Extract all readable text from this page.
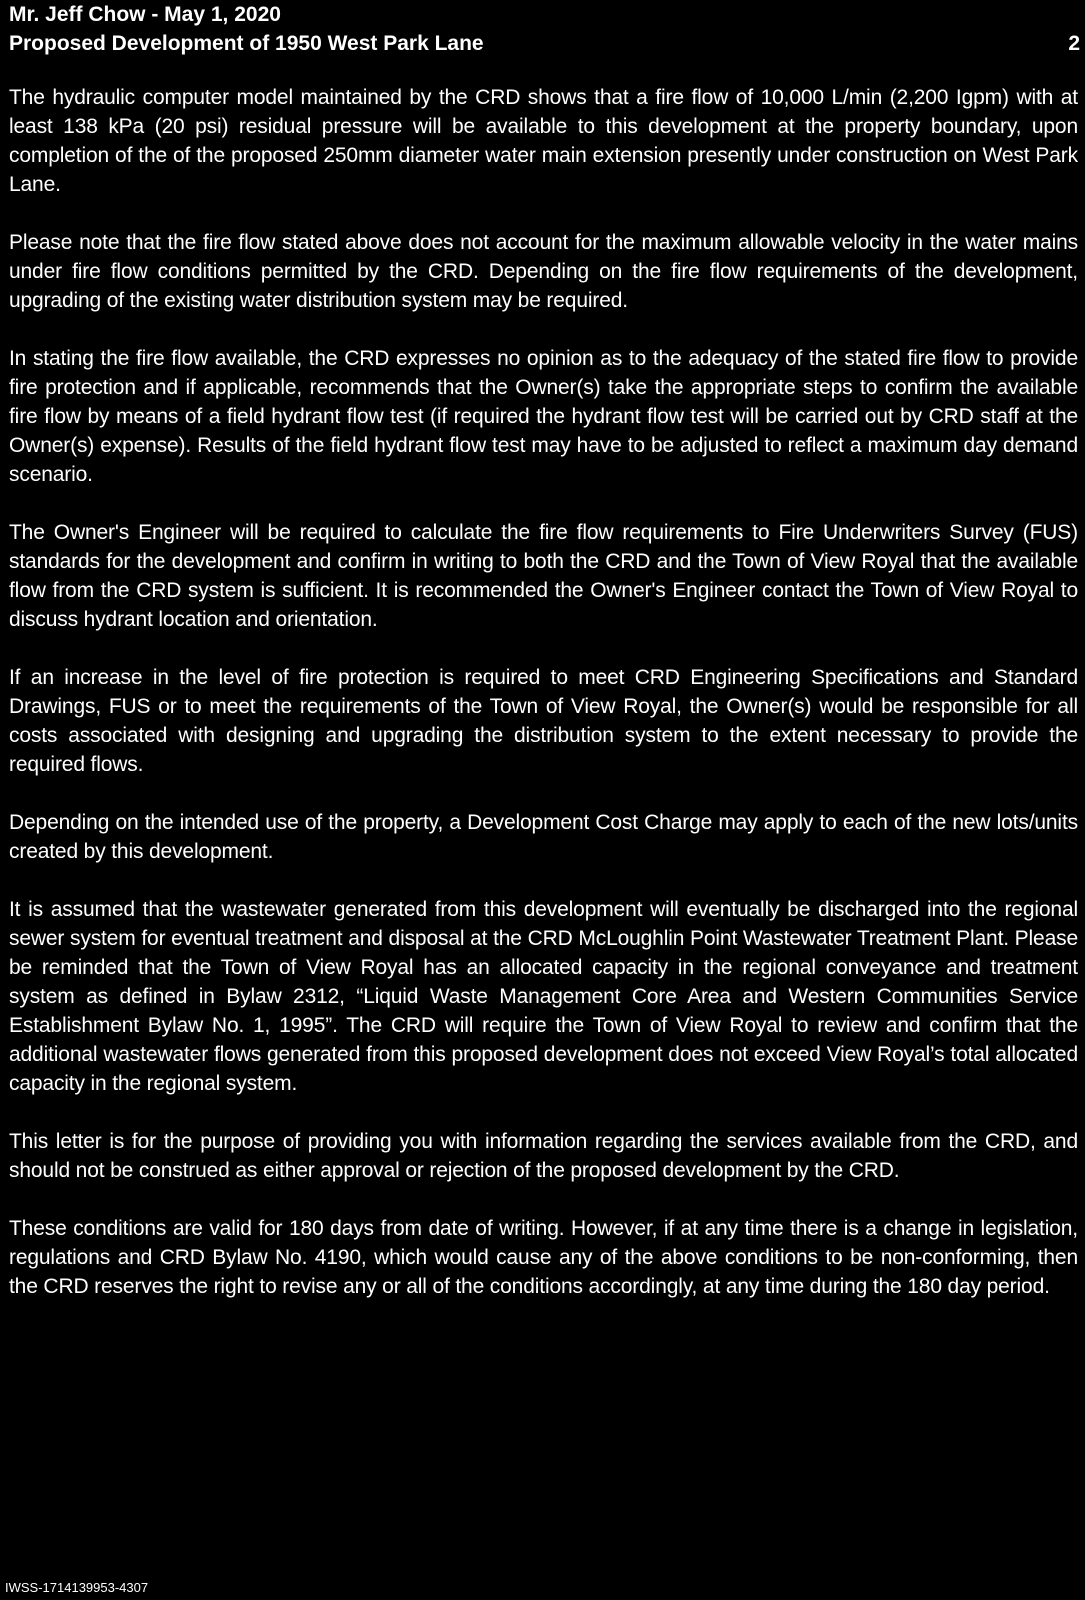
Mr. Jeff Chow - May 1, 2020
Proposed Development of 1950 West Park Lane	2

The hydraulic computer model maintained by the CRD shows that a fire flow of 10,000 L/min (2,200 Igpm) with at least 138 kPa (20 psi) residual pressure will be available to this development at the property boundary, upon completion of the of the proposed 250mm diameter water main extension presently under construction on West Park Lane.

Please note that the fire flow stated above does not account for the maximum allowable velocity in the water mains under fire flow conditions permitted by the CRD. Depending on the fire flow requirements of the development, upgrading of the existing water distribution system may be required.

In stating the fire flow available, the CRD expresses no opinion as to the adequacy of the stated fire flow to provide fire protection and if applicable, recommends that the Owner(s) take the appropriate steps to confirm the available fire flow by means of a field hydrant flow test (if required the hydrant flow test will be carried out by CRD staff at the Owner(s) expense). Results of the field hydrant flow test may have to be adjusted to reflect a maximum day demand scenario.

The Owner's Engineer will be required to calculate the fire flow requirements to Fire Underwriters Survey (FUS) standards for the development and confirm in writing to both the CRD and the Town of View Royal that the available flow from the CRD system is sufficient. It is recommended the Owner's Engineer contact the Town of View Royal to discuss hydrant location and orientation.

If an increase in the level of fire protection is required to meet CRD Engineering Specifications and Standard Drawings, FUS or to meet the requirements of the Town of View Royal, the Owner(s) would be responsible for all costs associated with designing and upgrading the distribution system to the extent necessary to provide the required flows.

Depending on the intended use of the property, a Development Cost Charge may apply to each of the new lots/units created by this development.

It is assumed that the wastewater generated from this development will eventually be discharged into the regional sewer system for eventual treatment and disposal at the CRD McLoughlin Point Wastewater Treatment Plant. Please be reminded that the Town of View Royal has an allocated capacity in the regional conveyance and treatment system as defined in Bylaw 2312, “Liquid Waste Management Core Area and Western Communities Service Establishment Bylaw No. 1, 1995”. The CRD will require the Town of View Royal to review and confirm that the additional wastewater flows generated from this proposed development does not exceed View Royal’s total allocated capacity in the regional system.

This letter is for the purpose of providing you with information regarding the services available from the CRD, and should not be construed as either approval or rejection of the proposed development by the CRD.

These conditions are valid for 180 days from date of writing. However, if at any time there is a change in legislation, regulations and CRD Bylaw No. 4190, which would cause any of the above conditions to be non-conforming, then the CRD reserves the right to revise any or all of the conditions accordingly, at any time during the 180 day period.

IWSS-1714139953-4307
